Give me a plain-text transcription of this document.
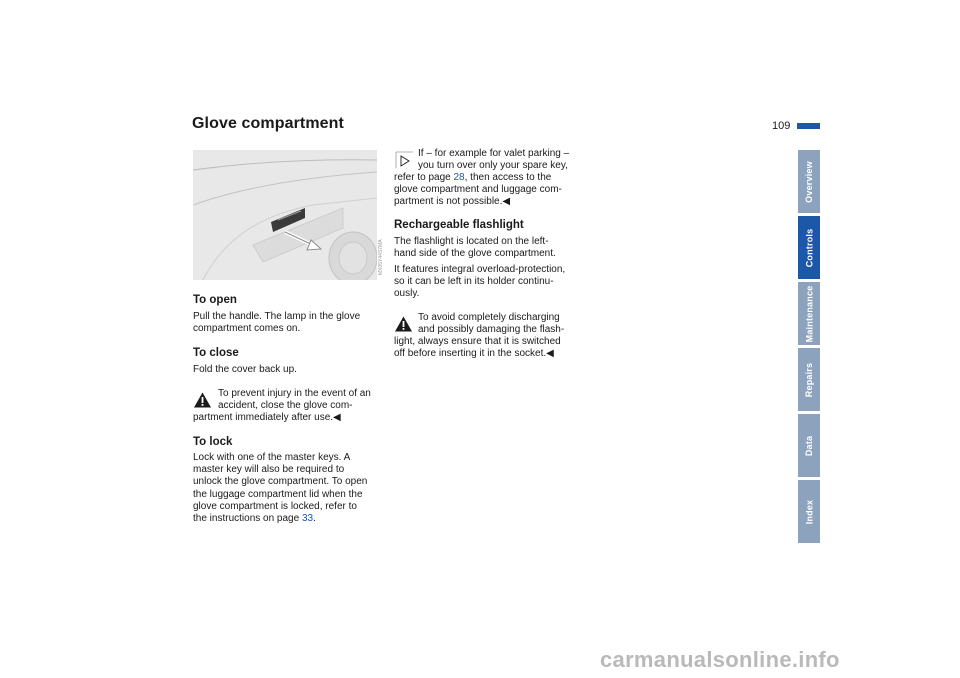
Glove compartment	109
MX05Y44S7MA
To open
Pull the handle. The lamp in the glove
compartment comes on.
To close
Fold the cover back up.
To prevent injury in the event of an
accident, close the glove com-
partment immediately after use.◀
To lock
Lock with one of the master keys. A
master key will also be required to
unlock the glove compartment. To open
the luggage compartment lid when the
glove compartment is locked, refer to
the instructions on page 33.
If – for example for valet parking –
you turn over only your spare key,
refer to page 28, then access to the
glove compartment and luggage com-
partment is not possible.◀
Rechargeable flashlight
The flashlight is located on the left-
hand side of the glove compartment.
It features integral overload-protection,
so it can be left in its holder continu-
ously.
To avoid completely discharging
and possibly damaging the flash-
light, always ensure that it is switched
off before inserting it in the socket.◀
Overview
Controls
Maintenance
Repairs
Data
Index
carmanualsonline.info
